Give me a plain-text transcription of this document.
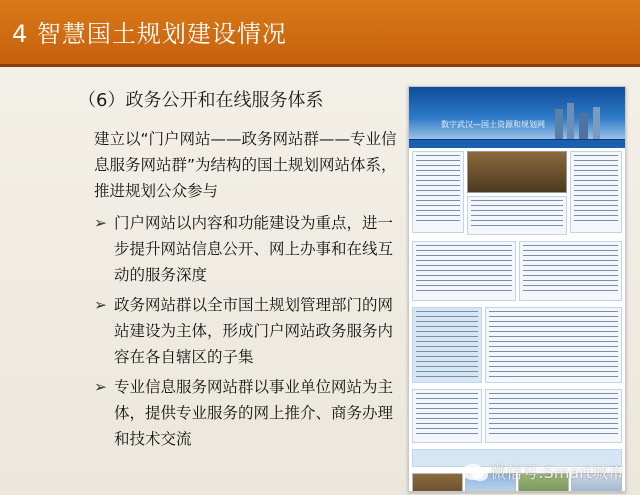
4 智慧国土规划建设情况
（6）政务公开和在线服务体系
建立以“门户网站——政务网站群——专业信息服务网站群”为结构的国土规划网站体系，推进规划公众参与
➢ 门户网站以内容和功能建设为重点，进一步提升网站信息公开、网上办事和在线互动的服务深度
➢ 政务网站群以全市国土规划管理部门的网站建设为主体，形成门户网站政务服务内容在各自辖区的子集
➢ 专业信息服务网站群以事业单位网站为主体，提供专业服务的网上推介、商务办理和技术交流
数字武汉—国土资源和规划网
微信号:Smart城市
